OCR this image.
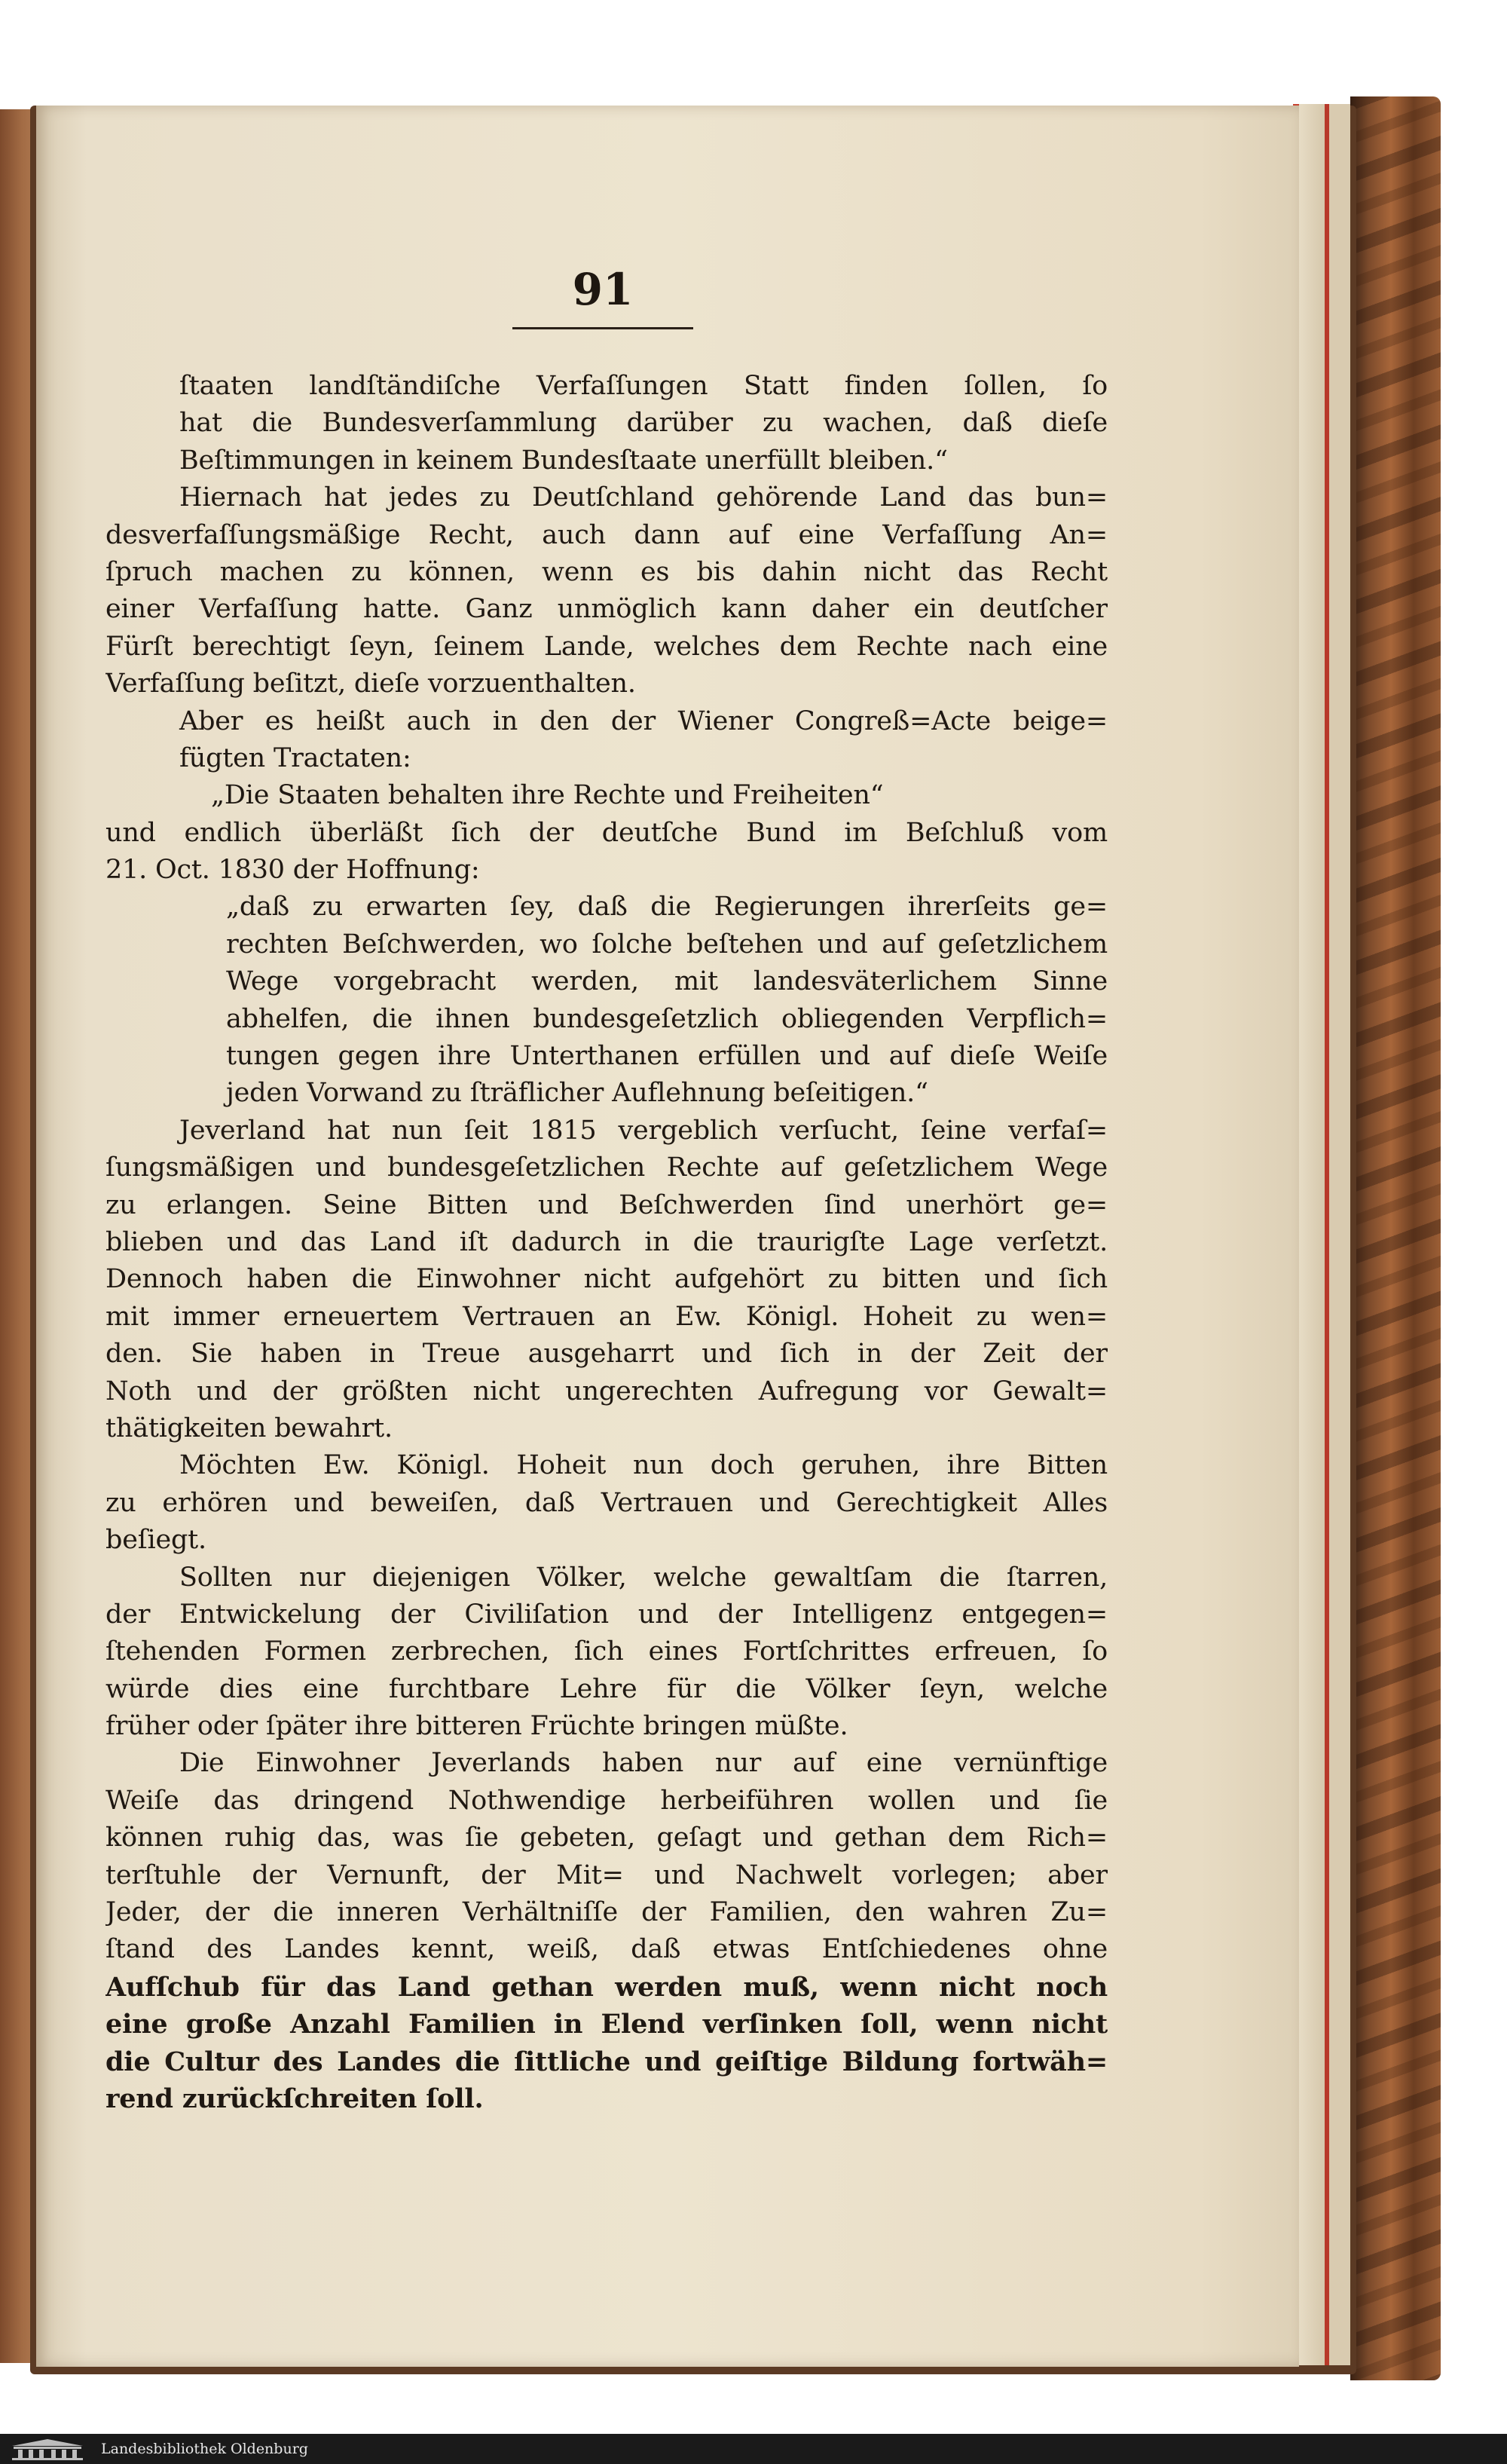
91
ſtaaten landſtändiſche Verfaſſungen Statt finden ſollen, ſo
hat die Bundesverſammlung darüber zu wachen, daß dieſe
Beſtimmungen in keinem Bundesſtaate unerfüllt bleiben.“
Hiernach hat jedes zu Deutſchland gehörende Land das bun=
desverfaſſungsmäßige Recht, auch dann auf eine Verfaſſung An=
ſpruch machen zu können, wenn es bis dahin nicht das Recht
einer Verfaſſung hatte. Ganz unmöglich kann daher ein deutſcher
Fürſt berechtigt ſeyn, ſeinem Lande, welches dem Rechte nach eine
Verfaſſung beſitzt, dieſe vorzuenthalten.
Aber es heißt auch in den der Wiener Congreß=Acte beige=
fügten Tractaten:
„Die Staaten behalten ihre Rechte und Freiheiten“
und endlich überläßt ſich der deutſche Bund im Beſchluß vom
21. Oct. 1830 der Hoffnung:
„daß zu erwarten ſey, daß die Regierungen ihrerſeits ge=
rechten Beſchwerden, wo ſolche beſtehen und auf geſetzlichem
Wege vorgebracht werden, mit landesväterlichem Sinne
abhelfen, die ihnen bundesgeſetzlich obliegenden Verpflich=
tungen gegen ihre Unterthanen erfüllen und auf dieſe Weiſe
jeden Vorwand zu ſträflicher Auflehnung beſeitigen.“
Jeverland hat nun ſeit 1815 vergeblich verſucht, ſeine verfaſ=
ſungsmäßigen und bundesgeſetzlichen Rechte auf geſetzlichem Wege
zu erlangen. Seine Bitten und Beſchwerden ſind unerhört ge=
blieben und das Land iſt dadurch in die traurigſte Lage verſetzt.
Dennoch haben die Einwohner nicht aufgehört zu bitten und ſich
mit immer erneuertem Vertrauen an Ew. Königl. Hoheit zu wen=
den. Sie haben in Treue ausgeharrt und ſich in der Zeit der
Noth und der größten nicht ungerechten Aufregung vor Gewalt=
thätigkeiten bewahrt.
Möchten Ew. Königl. Hoheit nun doch geruhen, ihre Bitten
zu erhören und beweiſen, daß Vertrauen und Gerechtigkeit Alles
beſiegt.
Sollten nur diejenigen Völker, welche gewaltſam die ſtarren,
der Entwickelung der Civiliſation und der Intelligenz entgegen=
ſtehenden Formen zerbrechen, ſich eines Fortſchrittes erfreuen, ſo
würde dies eine furchtbare Lehre für die Völker ſeyn, welche
früher oder ſpäter ihre bitteren Früchte bringen müßte.
Die Einwohner Jeverlands haben nur auf eine vernünftige
Weiſe das dringend Nothwendige herbeiführen wollen und ſie
können ruhig das, was ſie gebeten, geſagt und gethan dem Rich=
terſtuhle der Vernunft, der Mit= und Nachwelt vorlegen; aber
Jeder, der die inneren Verhältniſſe der Familien, den wahren Zu=
ſtand des Landes kennt, weiß, daß etwas Entſchiedenes ohne
Aufſchub für das Land gethan werden muß, wenn nicht noch
eine große Anzahl Familien in Elend verſinken ſoll, wenn nicht
die Cultur des Landes die ſittliche und geiſtige Bildung fortwäh=
rend zurückſchreiten ſoll.
Landesbibliothek Oldenburg
